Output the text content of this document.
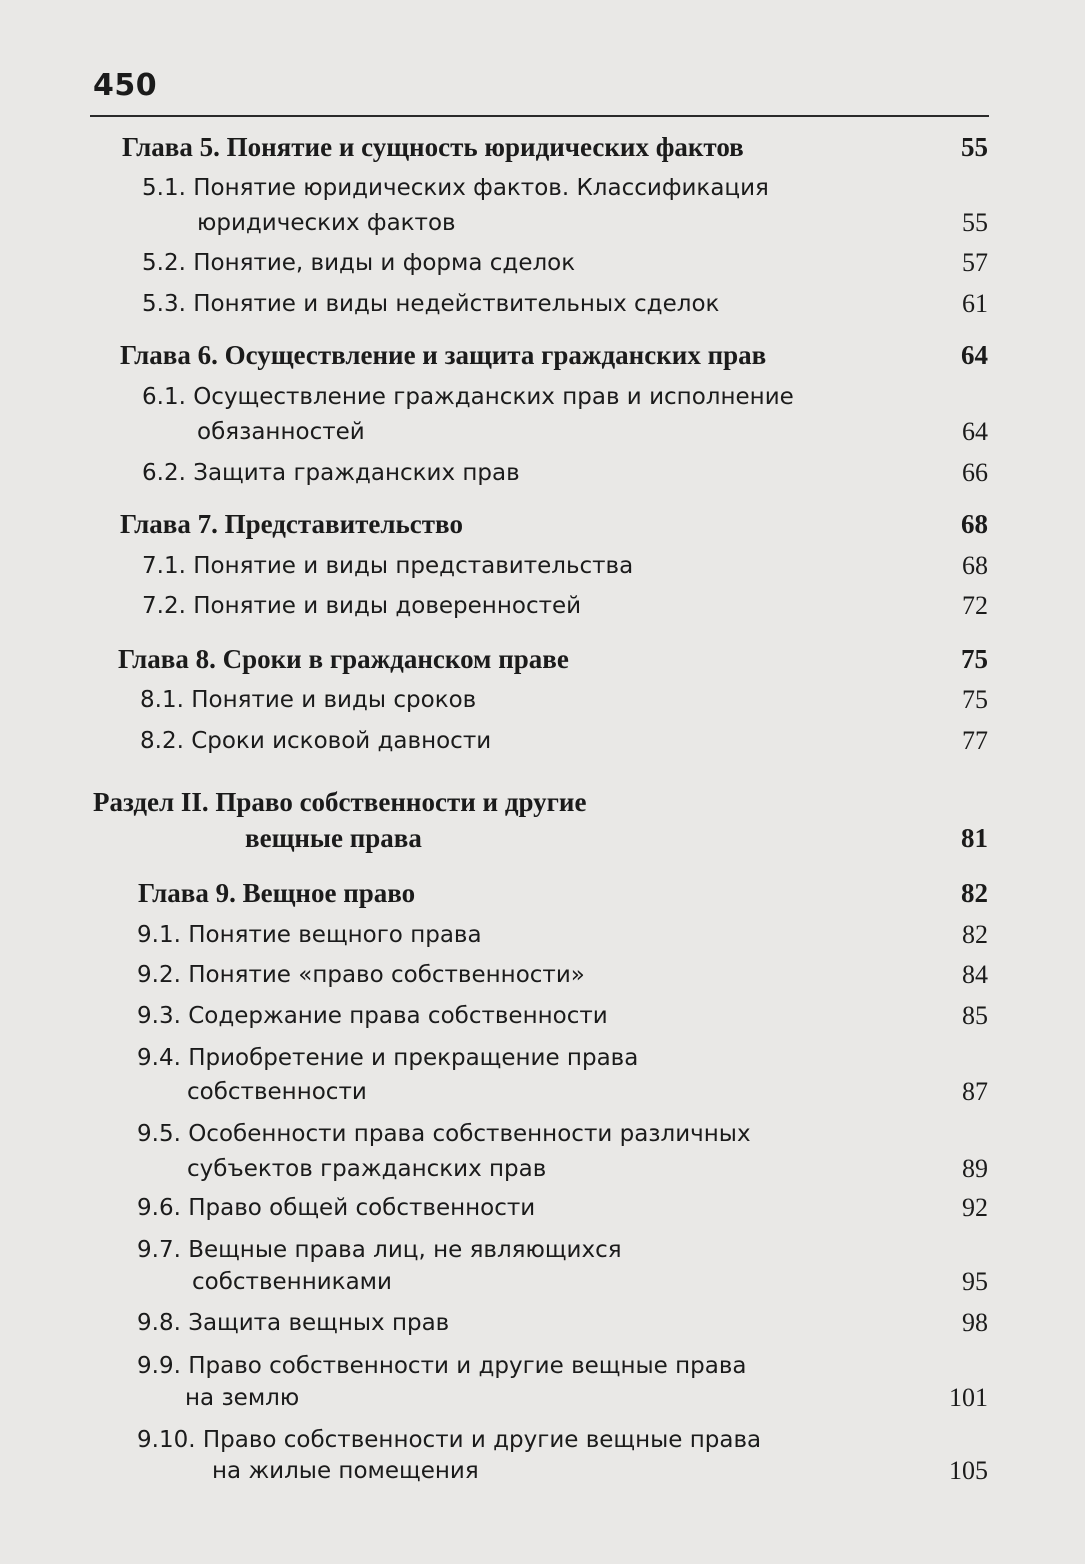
450
Глава 5. Понятие и сущность юридических фактов	55
5.1. Понятие юридических фактов. Классификация
юридических фактов	55
5.2. Понятие, виды и форма сделок	57
5.3. Понятие и виды недействительных сделок	61
Глава 6. Осуществление и защита гражданских прав	64
6.1. Осуществление гражданских прав и исполнение
обязанностей	64
6.2. Защита гражданских прав	66
Глава 7. Представительство	68
7.1. Понятие и виды представительства	68
7.2. Понятие и виды доверенностей	72
Глава 8. Сроки в гражданском праве	75
8.1. Понятие и виды сроков	75
8.2. Сроки исковой давности	77
Раздел II. Право собственности и другие
вещные права	81
Глава 9. Вещное право	82
9.1. Понятие вещного права	82
9.2. Понятие «право собственности»	84
9.3. Содержание права собственности	85
9.4. Приобретение и прекращение права
собственности	87
9.5. Особенности права собственности различных
субъектов гражданских прав	89
9.6. Право общей собственности	92
9.7. Вещные права лиц, не являющихся
собственниками	95
9.8. Защита вещных прав	98
9.9. Право собственности и другие вещные права
на землю	101
9.10. Право собственности и другие вещные права
на жилые помещения	105
